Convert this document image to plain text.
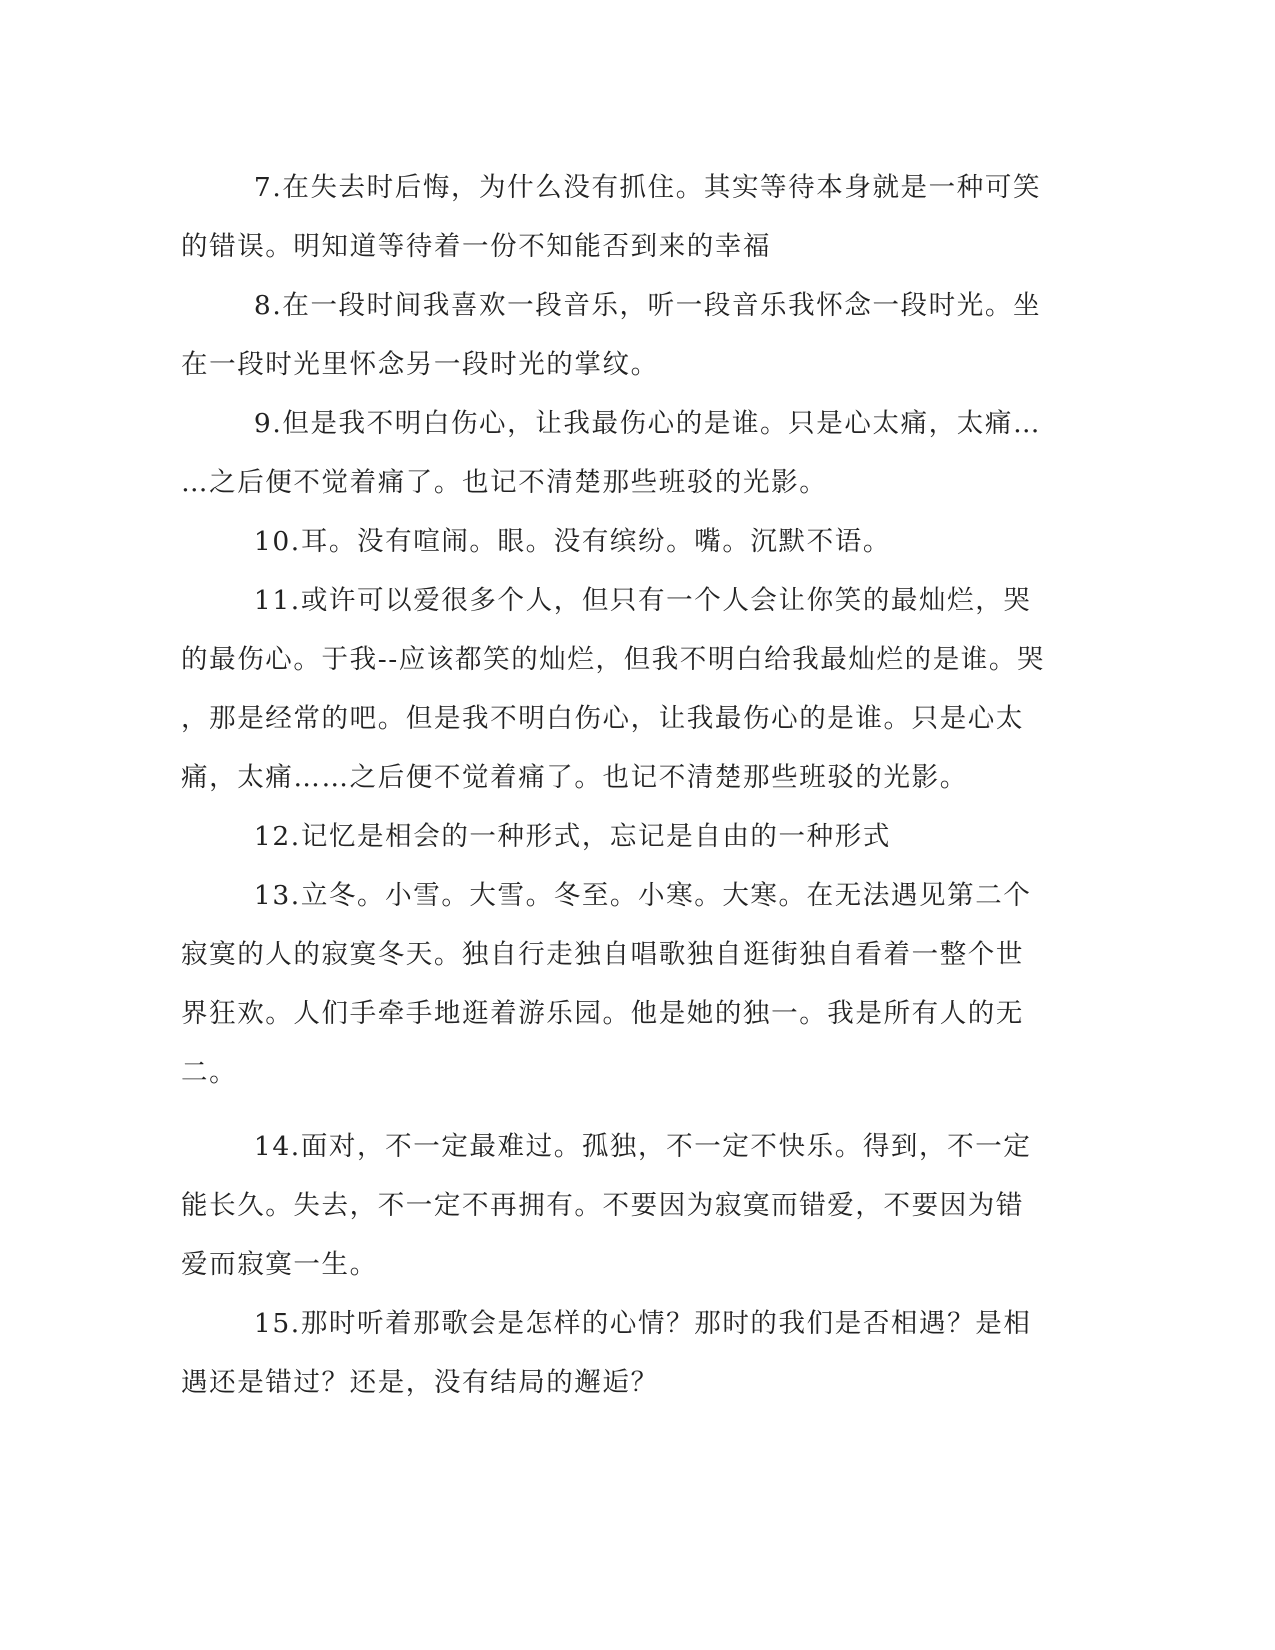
7.在失去时后悔，为什么没有抓住。其实等待本身就是一种可笑的错误。明知道等待着一份不知能否到来的幸福

8.在一段时间我喜欢一段音乐，听一段音乐我怀念一段时光。坐在一段时光里怀念另一段时光的掌纹。

9.但是我不明白伤心，让我最伤心的是谁。只是心太痛，太痛……之后便不觉着痛了。也记不清楚那些班驳的光影。

10.耳。没有喧闹。眼。没有缤纷。嘴。沉默不语。

11.或许可以爱很多个人，但只有一个人会让你笑的最灿烂，哭的最伤心。于我--应该都笑的灿烂，但我不明白给我最灿烂的是谁。哭，那是经常的吧。但是我不明白伤心，让我最伤心的是谁。只是心太痛，太痛……之后便不觉着痛了。也记不清楚那些班驳的光影。

12.记忆是相会的一种形式，忘记是自由的一种形式

13.立冬。小雪。大雪。冬至。小寒。大寒。在无法遇见第二个寂寞的人的寂寞冬天。独自行走独自唱歌独自逛街独自看着一整个世界狂欢。人们手牵手地逛着游乐园。他是她的独一。我是所有人的无二。

14.面对，不一定最难过。孤独，不一定不快乐。得到，不一定能长久。失去，不一定不再拥有。不要因为寂寞而错爱，不要因为错爱而寂寞一生。

15.那时听着那歌会是怎样的心情？那时的我们是否相遇？是相遇还是错过？还是，没有结局的邂逅？
